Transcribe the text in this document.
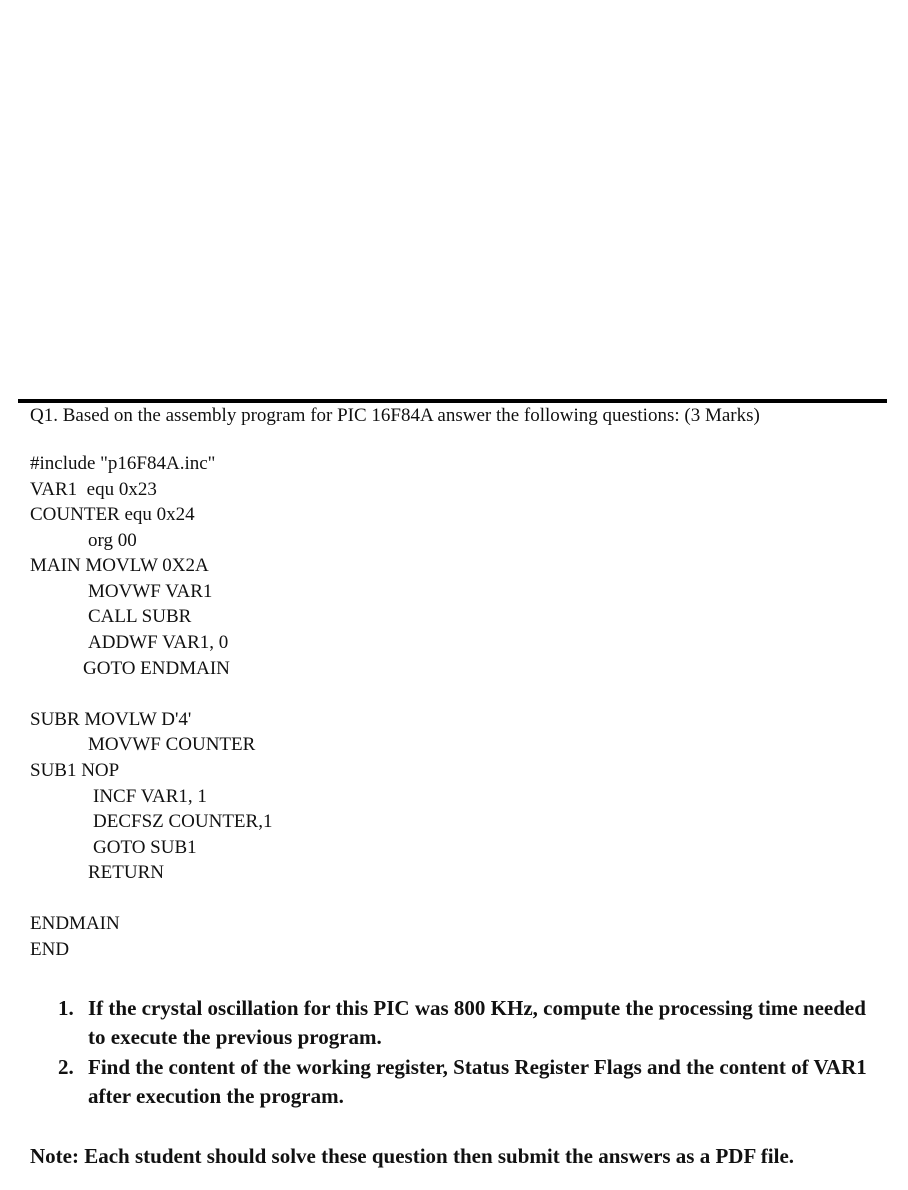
Q1. Based on the assembly program for PIC 16F84A answer the following questions: (3 Marks)
#include "p16F84A.inc"
VAR1  equ 0x23
COUNTER equ 0x24
org 00
MAIN MOVLW 0X2A
MOVWF VAR1
CALL SUBR
ADDWF VAR1, 0
GOTO ENDMAIN
SUBR MOVLW D'4'
MOVWF COUNTER
SUB1 NOP
INCF VAR1, 1
DECFSZ COUNTER,1
GOTO SUB1
RETURN
ENDMAIN
END
1. If the crystal oscillation for this PIC was 800 KHz, compute the processing time needed to execute the previous program.
2. Find the content of the working register, Status Register Flags and the content of VAR1 after execution the program.
Note: Each student should solve these question then submit the answers as a PDF file.
